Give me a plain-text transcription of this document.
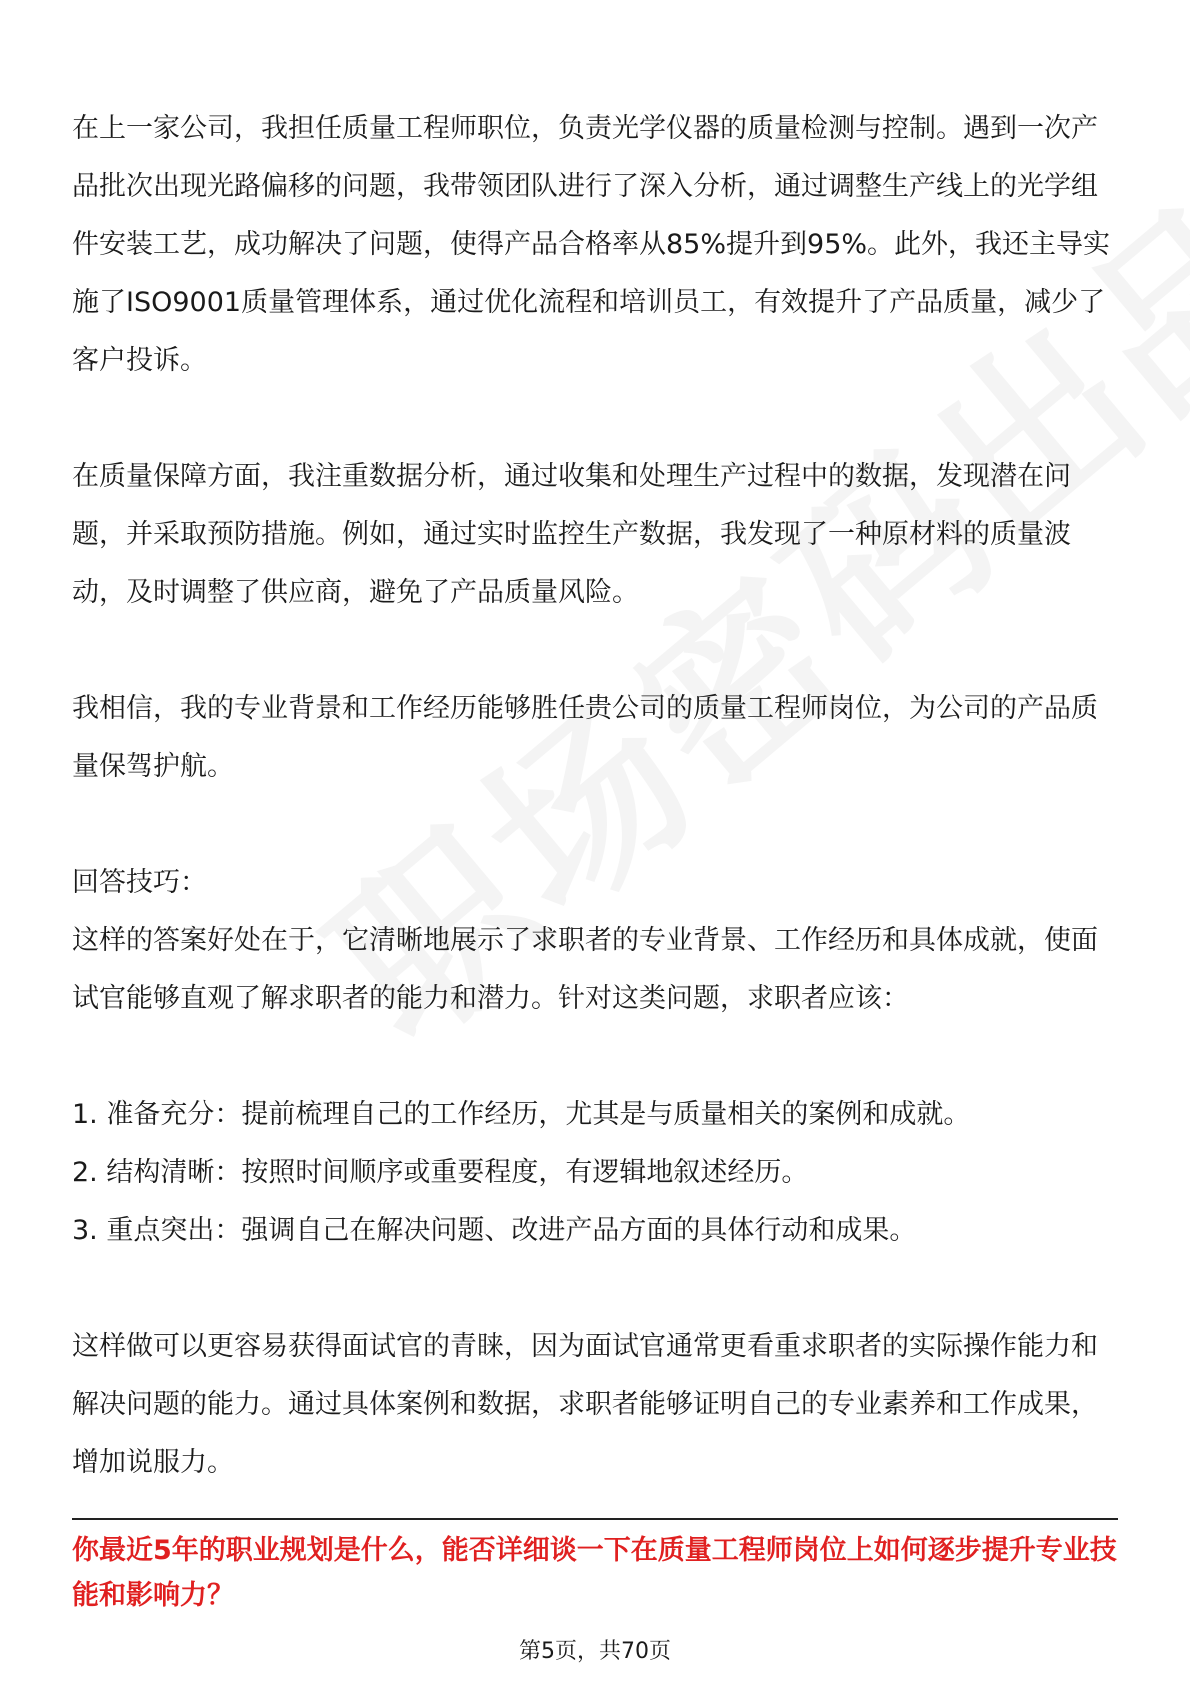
在上一家公司，我担任质量工程师职位，负责光学仪器的质量检测与控制。遇到一次产品批次出现光路偏移的问题，我带领团队进行了深入分析，通过调整生产线上的光学组件安装工艺，成功解决了问题，使得产品合格率从85%提升到95%。此外，我还主导实施了ISO9001质量管理体系，通过优化流程和培训员工，有效提升了产品质量，减少了客户投诉。

在质量保障方面，我注重数据分析，通过收集和处理生产过程中的数据，发现潜在问题，并采取预防措施。例如，通过实时监控生产数据，我发现了一种原材料的质量波动，及时调整了供应商，避免了产品质量风险。

我相信，我的专业背景和工作经历能够胜任贵公司的质量工程师岗位，为公司的产品质量保驾护航。

回答技巧：

这样的答案好处在于，它清晰地展示了求职者的专业背景、工作经历和具体成就，使面试官能够直观了解求职者的能力和潜力。针对这类问题，求职者应该：

1. 准备充分：提前梳理自己的工作经历，尤其是与质量相关的案例和成就。

2. 结构清晰：按照时间顺序或重要程度，有逻辑地叙述经历。

3. 重点突出：强调自己在解决问题、改进产品方面的具体行动和成果。

这样做可以更容易获得面试官的青睐，因为面试官通常更看重求职者的实际操作能力和解决问题的能力。通过具体案例和数据，求职者能够证明自己的专业素养和工作成果，增加说服力。

你最近5年的职业规划是什么，能否详细谈一下在质量工程师岗位上如何逐步提升专业技能和影响力？

第5页，共70页
